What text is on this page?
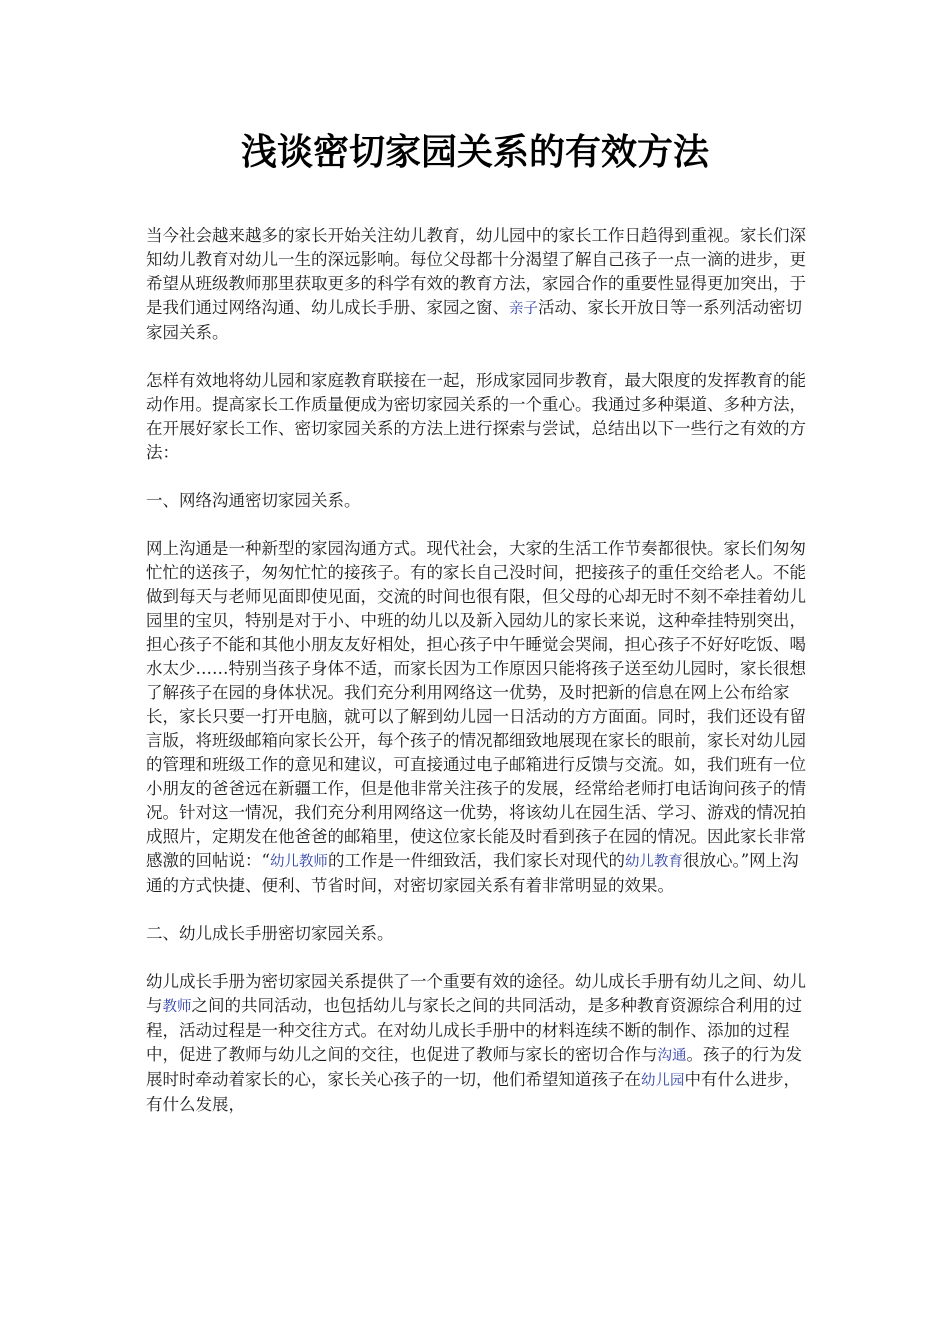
浅谈密切家园关系的有效方法

当今社会越来越多的家长开始关注幼儿教育，幼儿园中的家长工作日趋得到重视。家长们深知幼儿教育对幼儿一生的深远影响。每位父母都十分渴望了解自己孩子一点一滴的进步，更希望从班级教师那里获取更多的科学有效的教育方法，家园合作的重要性显得更加突出，于是我们通过网络沟通、幼儿成长手册、家园之窗、亲子活动、家长开放日等一系列活动密切家园关系。

怎样有效地将幼儿园和家庭教育联接在一起，形成家园同步教育，最大限度的发挥教育的能动作用。提高家长工作质量便成为密切家园关系的一个重心。我通过多种渠道、多种方法，在开展好家长工作、密切家园关系的方法上进行探索与尝试，总结出以下一些行之有效的方法：

一、网络沟通密切家园关系。

网上沟通是一种新型的家园沟通方式。现代社会，大家的生活工作节奏都很快。家长们匆匆忙忙的送孩子，匆匆忙忙的接孩子。有的家长自己没时间，把接孩子的重任交给老人。不能做到每天与老师见面即使见面，交流的时间也很有限，但父母的心却无时不刻不牵挂着幼儿园里的宝贝，特别是对于小、中班的幼儿以及新入园幼儿的家长来说，这种牵挂特别突出，担心孩子不能和其他小朋友友好相处，担心孩子中午睡觉会哭闹，担心孩子不好好吃饭、喝水太少……特别当孩子身体不适，而家长因为工作原因只能将孩子送至幼儿园时，家长很想了解孩子在园的身体状况。我们充分利用网络这一优势，及时把新的信息在网上公布给家长，家长只要一打开电脑，就可以了解到幼儿园一日活动的方方面面。同时，我们还设有留言版，将班级邮箱向家长公开，每个孩子的情况都细致地展现在家长的眼前，家长对幼儿园的管理和班级工作的意见和建议，可直接通过电子邮箱进行反馈与交流。如，我们班有一位小朋友的爸爸远在新疆工作，但是他非常关注孩子的发展，经常给老师打电话询问孩子的情况。针对这一情况，我们充分利用网络这一优势，将该幼儿在园生活、学习、游戏的情况拍成照片，定期发在他爸爸的邮箱里，使这位家长能及时看到孩子在园的情况。因此家长非常感激的回帖说：“幼儿教师的工作是一件细致活，我们家长对现代的幼儿教育很放心。”网上沟通的方式快捷、便利、节省时间，对密切家园关系有着非常明显的效果。

二、幼儿成长手册密切家园关系。

幼儿成长手册为密切家园关系提供了一个重要有效的途径。幼儿成长手册有幼儿之间、幼儿与教师之间的共同活动，也包括幼儿与家长之间的共同活动，是多种教育资源综合利用的过程，活动过程是一种交往方式。在对幼儿成长手册中的材料连续不断的制作、添加的过程中，促进了教师与幼儿之间的交往，也促进了教师与家长的密切合作与沟通。孩子的行为发展时时牵动着家长的心，家长关心孩子的一切，他们希望知道孩子在幼儿园中有什么进步，有什么发展，
